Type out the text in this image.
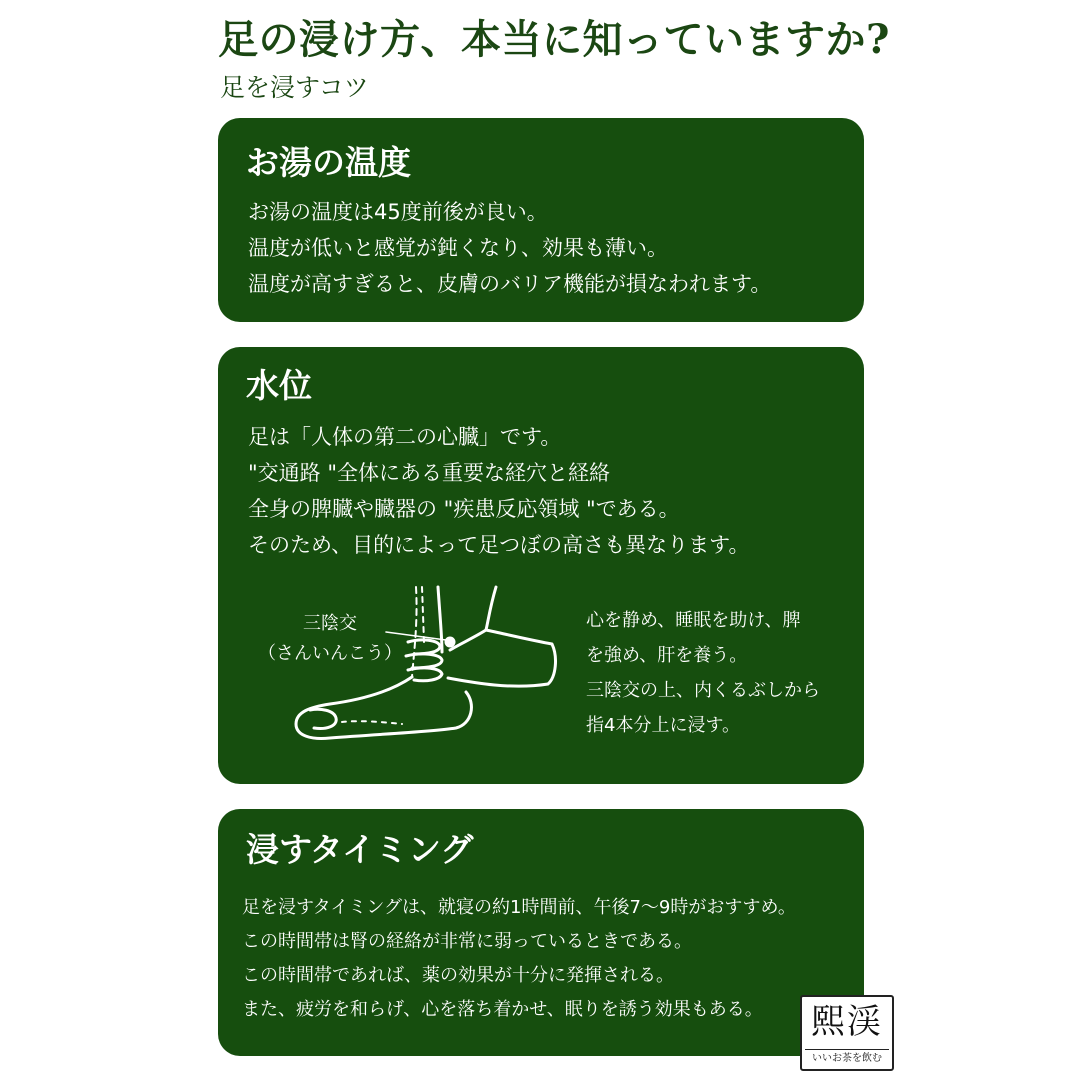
足の浸け方、本当に知っていますか?
足を浸すコツ
お湯の温度
お湯の温度は45度前後が良い。
温度が低いと感覚が鈍くなり、効果も薄い。
温度が高すぎると、皮膚のバリア機能が損なわれます。
水位
足は「人体の第二の心臓」です。
"交通路 "全体にある重要な経穴と経絡
全身の脾臓や臓器の "疾患反応領域 "である。
そのため、目的によって足つぼの高さも異なります。
三陰交
（さんいんこう）
心を静め、睡眠を助け、脾
を強め、肝を養う。
三陰交の上、内くるぶしから
指4本分上に浸す。
浸すタイミング
足を浸すタイミングは、就寝の約1時間前、午後7〜9時がおすすめ。
この時間帯は腎の経絡が非常に弱っているときである。
この時間帯であれば、薬の効果が十分に発揮される。
また、疲労を和らげ、心を落ち着かせ、眠りを誘う効果もある。	熙渓
いいお茶を飲む
